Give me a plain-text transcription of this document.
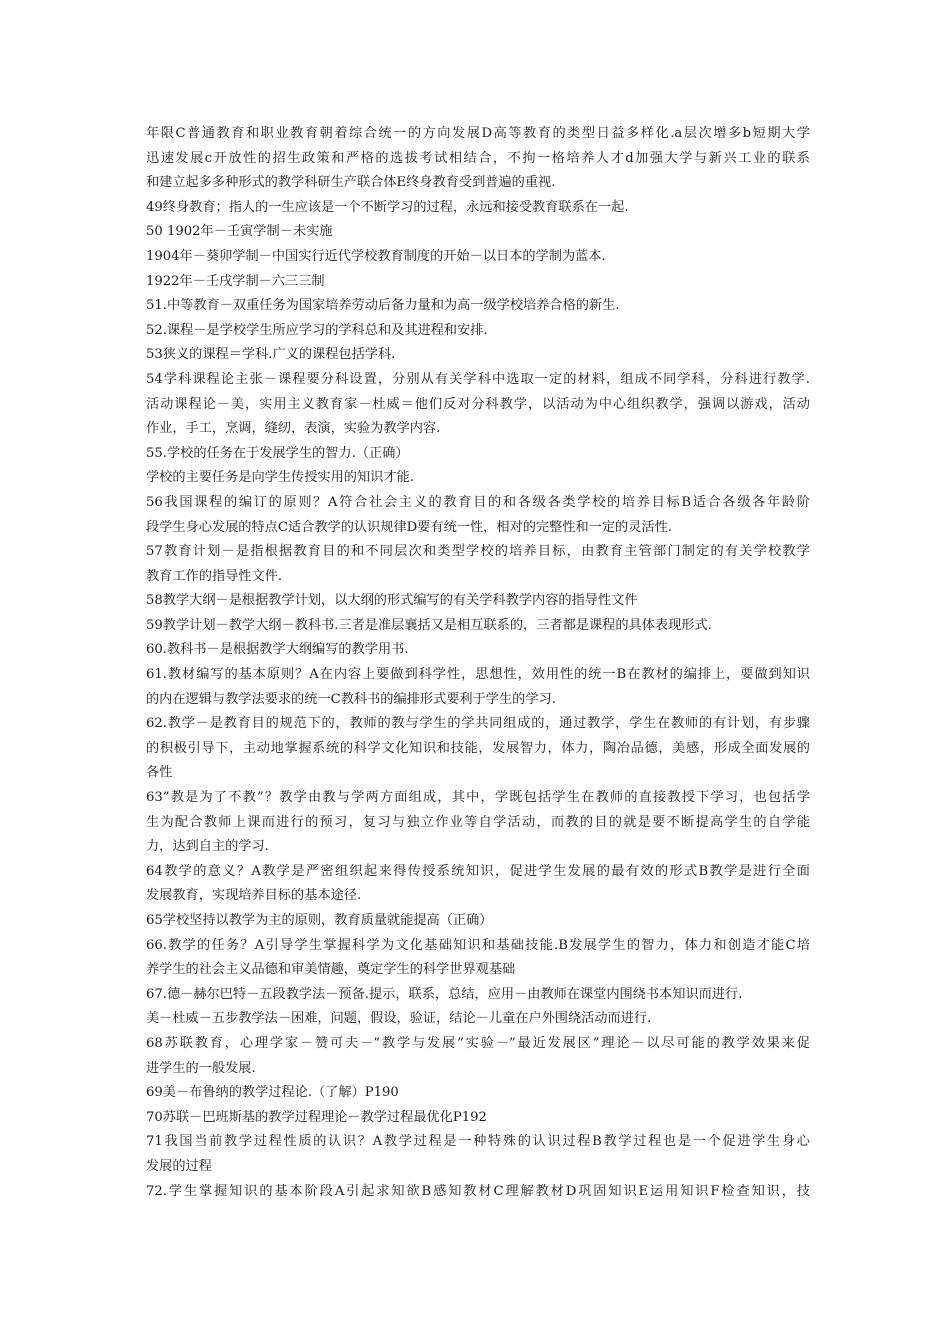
年限C普通教育和职业教育朝着综合统一的方向发展D高等教育的类型日益多样化.a层次增多b短期大学
迅速发展c开放性的招生政策和严格的选拔考试相结合，不拘一格培养人才d加强大学与新兴工业的联系
和建立起多多种形式的教学科研生产联合体E终身教育受到普遍的重视.
49终身教育；指人的一生应该是一个不断学习的过程，永远和接受教育联系在一起.
50 1902年－壬寅学制－未实施
1904年－葵卯学制－中国实行近代学校教育制度的开始－以日本的学制为蓝本.
1922年－壬戌学制－六三三制
51.中等教育－双重任务为国家培养劳动后备力量和为高一级学校培养合格的新生.
52.课程－是学校学生所应学习的学科总和及其进程和安排.
53狭义的课程＝学科.广义的课程包括学科.
54学科课程论主张－课程要分科设置，分别从有关学科中选取一定的材料，组成不同学科，分科进行教学.
活动课程论－美，实用主义教育家－杜威＝他们反对分科教学，以活动为中心组织教学，强调以游戏，活动
作业，手工，烹调，缝纫，表演，实验为教学内容.
55.学校的任务在于发展学生的智力.（正确）
学校的主要任务是向学生传授实用的知识才能.
56我国课程的编订的原则？A符合社会主义的教育目的和各级各类学校的培养目标B适合各级各年龄阶
段学生身心发展的特点C适合教学的认识规律D要有统一性，相对的完整性和一定的灵活性.
57教育计划－是指根据教育目的和不同层次和类型学校的培养目标，由教育主管部门制定的有关学校教学
教育工作的指导性文件.
58教学大纲－是根据教学计划，以大纲的形式编写的有关学科教学内容的指导性文件
59教学计划－教学大纲－教科书.三者是准层襄括又是相互联系的，三者都是课程的具体表现形式.
60.教科书－是根据教学大纲编写的教学用书.
61.教材编写的基本原则？A在内容上要做到科学性，思想性，效用性的统一B在教材的编排上，要做到知识
的内在逻辑与教学法要求的统一C教科书的编排形式要利于学生的学习.
62.教学－是教育目的规范下的，教师的教与学生的学共同组成的，通过教学，学生在教师的有计划，有步骤
的积极引导下，主动地掌握系统的科学文化知识和技能，发展智力，体力，陶冶品德，美感，形成全面发展的
各性
63”教是为了不教”？教学由教与学两方面组成，其中，学既包括学生在教师的直接教授下学习，也包括学
生为配合教师上课而进行的预习，复习与独立作业等自学活动，而教的目的就是要不断提高学生的自学能
力，达到自主的学习.
64教学的意义？A教学是严密组织起来得传授系统知识，促进学生发展的最有效的形式B教学是进行全面
发展教育，实现培养目标的基本途径.
65学校坚持以教学为主的原则，教育质量就能提高（正确）
66.教学的任务？A引导学生掌握科学为文化基础知识和基础技能.B发展学生的智力，体力和创造才能C培
养学生的社会主义品德和审美情趣，奠定学生的科学世界观基础
67.德－赫尔巴特－五段教学法－预备.提示，联系，总结，应用－由教师在课堂内围绕书本知识而进行.
美－杜威－五步教学法－困难，问题，假设，验证，结论－儿童在户外围绕活动而进行.
68苏联教育，心理学家－赞可夫－”教学与发展”实验－”最近发展区”理论－以尽可能的教学效果来促
进学生的一般发展.
69美－布鲁纳的教学过程论.（了解）P190
70苏联－巴班斯基的教学过程理论－教学过程最优化P192
71我国当前教学过程性质的认识？A教学过程是一种特殊的认识过程B教学过程也是一个促进学生身心
发展的过程
72.学生掌握知识的基本阶段A引起求知欲B感知教材C理解教材D巩固知识E运用知识F检查知识，技
